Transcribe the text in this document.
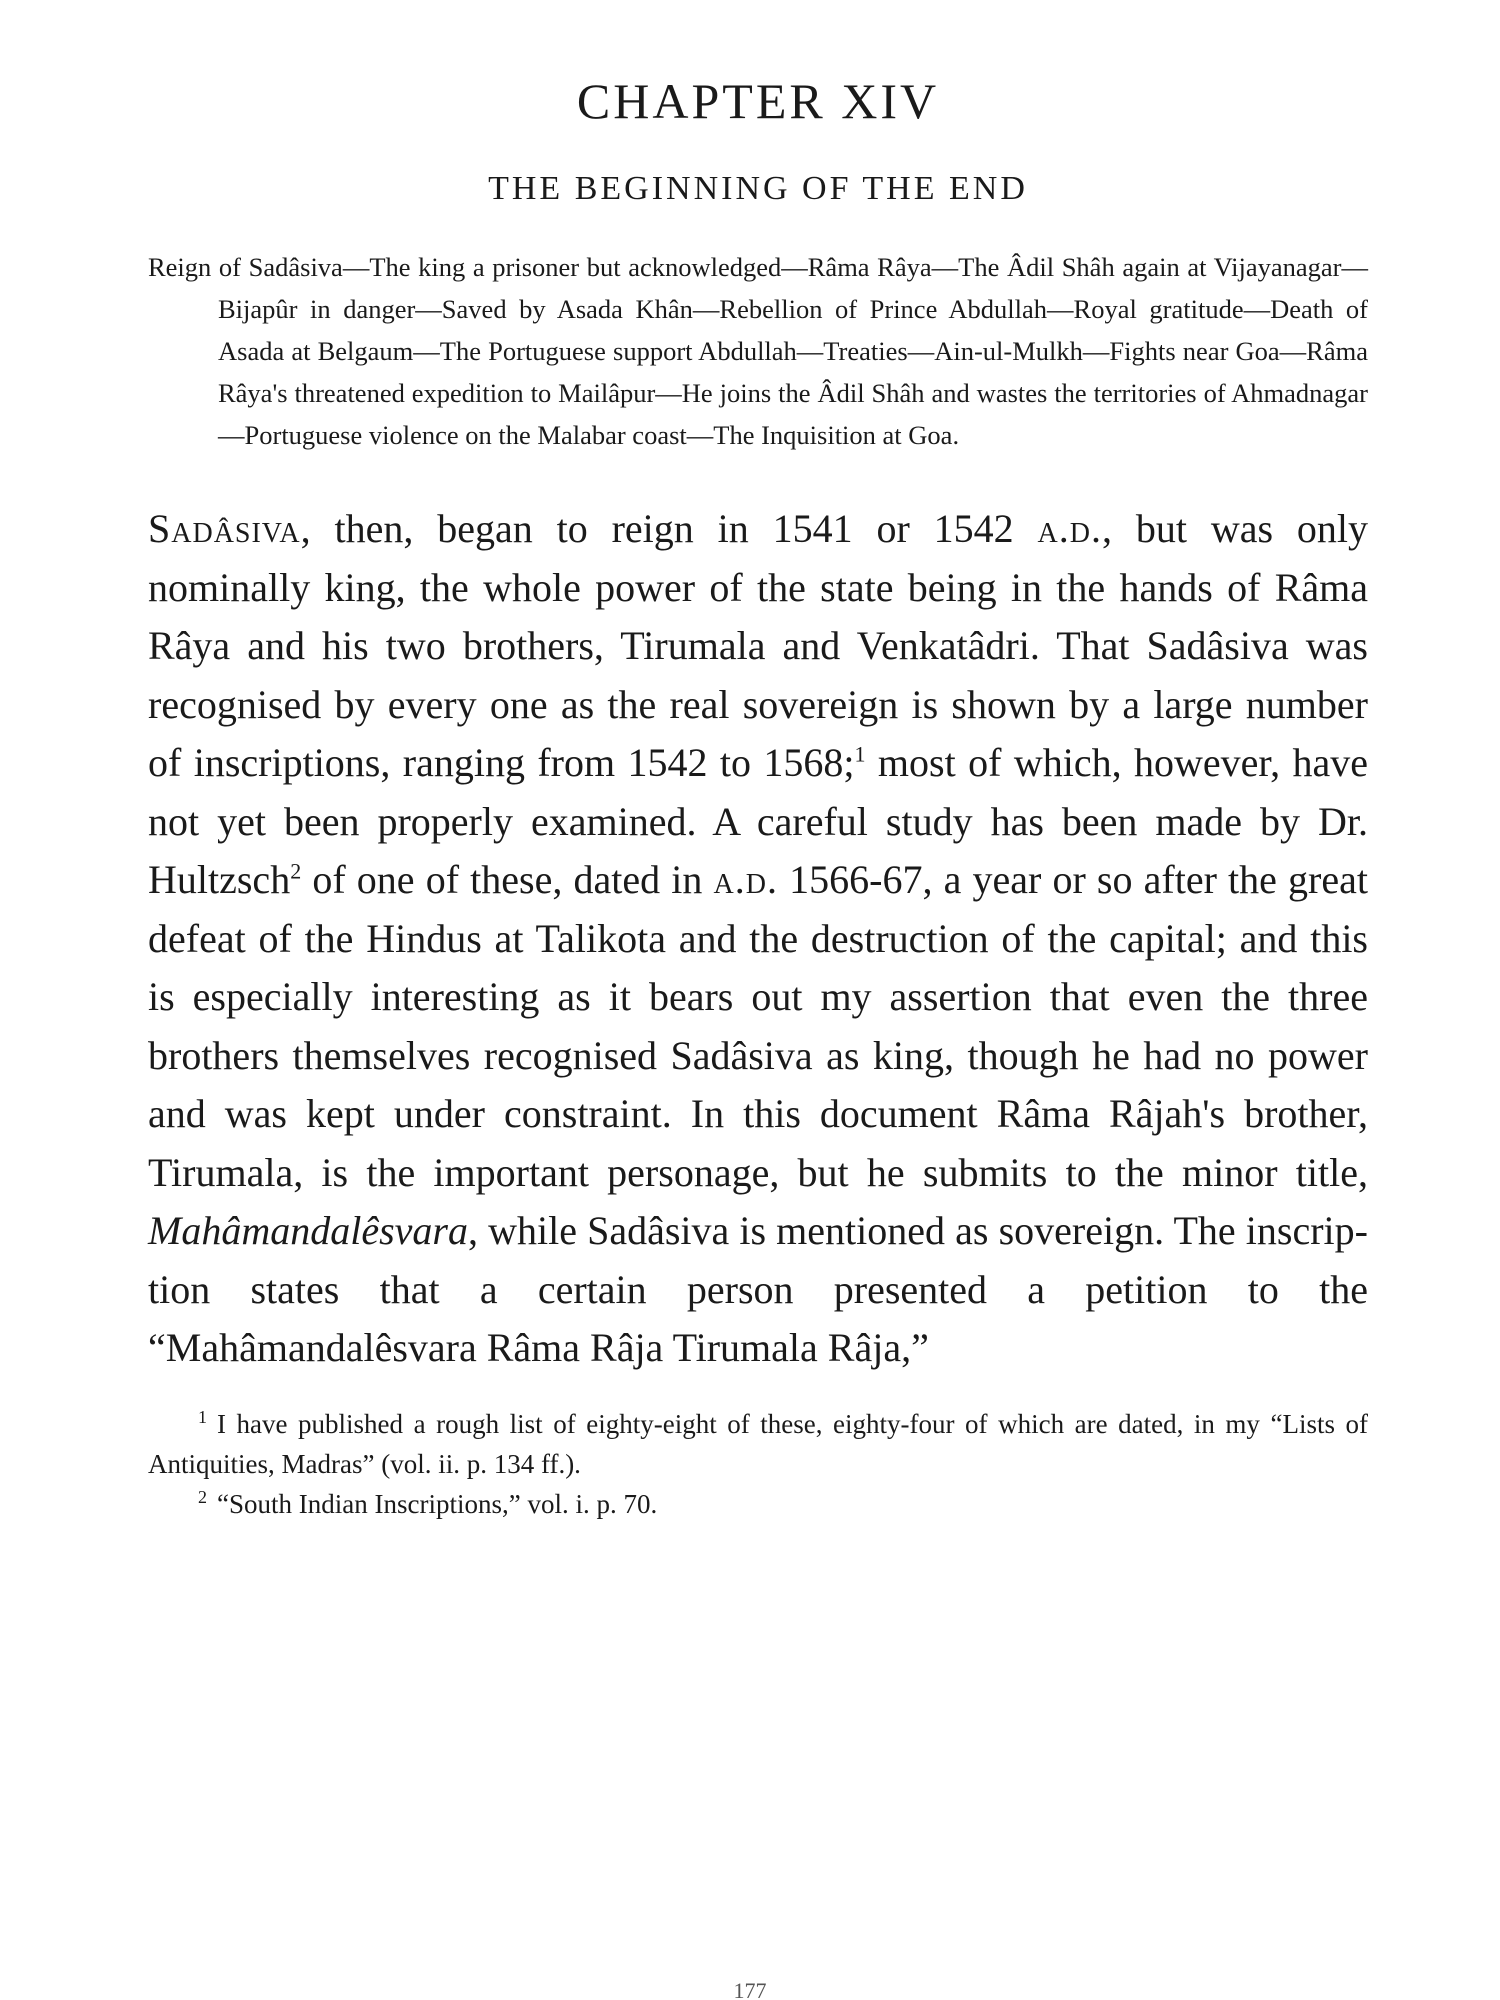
CHAPTER XIV
THE BEGINNING OF THE END

Reign of Sadâsiva—The king a prisoner but acknowledged—Râma Râya—The Âdil Shâh again at Vijayanagar—Bijapûr in danger—Saved by Asada Khân—Rebellion of Prince Abdullah—Royal gratitude—Death of Asada at Belgaum—The Portuguese support Abdullah—Treaties—Ain-ul-Mulkh—Fights near Goa—Râma Râya's threatened expedition to Mailâpur—He joins the Âdil Shâh and wastes the territories of Ahmadnagar—Portuguese violence on the Malabar coast—The Inquisition at Goa.

Sadâsiva, then, began to reign in 1541 or 1542 a.d., but was only nominally king, the whole power of the state being in the hands of Râma Râya and his two brothers, Tirumala and Venkatâdri. That Sadâsiva was recognised by every one as the real sovereign is shown by a large number of inscriptions, ranging from 1542 to 1568;$^1$ most of which, however, have not yet been properly examined. A careful study has been made by Dr. Hultzsch$^2$ of one of these, dated in a.d. 1566-67, a year or so after the great defeat of the Hindus at Talikota and the destruction of the capital; and this is especially interesting as it bears out my assertion that even the three brothers themselves recognised Sadâsiva as king, though he had no power and was kept under constraint. In this document Râma Râjah's brother, Tirumala, is the important personage, but he submits to the minor title, Mahâmandalêsvara, while Sadâsiva is mentioned as sovereign. The inscription states that a certain person presented a petition to the “Mahâmandalêsvara Râma Râja Tirumala Râja,”

$^1$ I have published a rough list of eighty-eight of these, eighty-four of which are dated, in my “Lists of Antiquities, Madras” (vol. ii. p. 134 ff.).
$^2$ “South Indian Inscriptions,” vol. i. p. 70.
177
